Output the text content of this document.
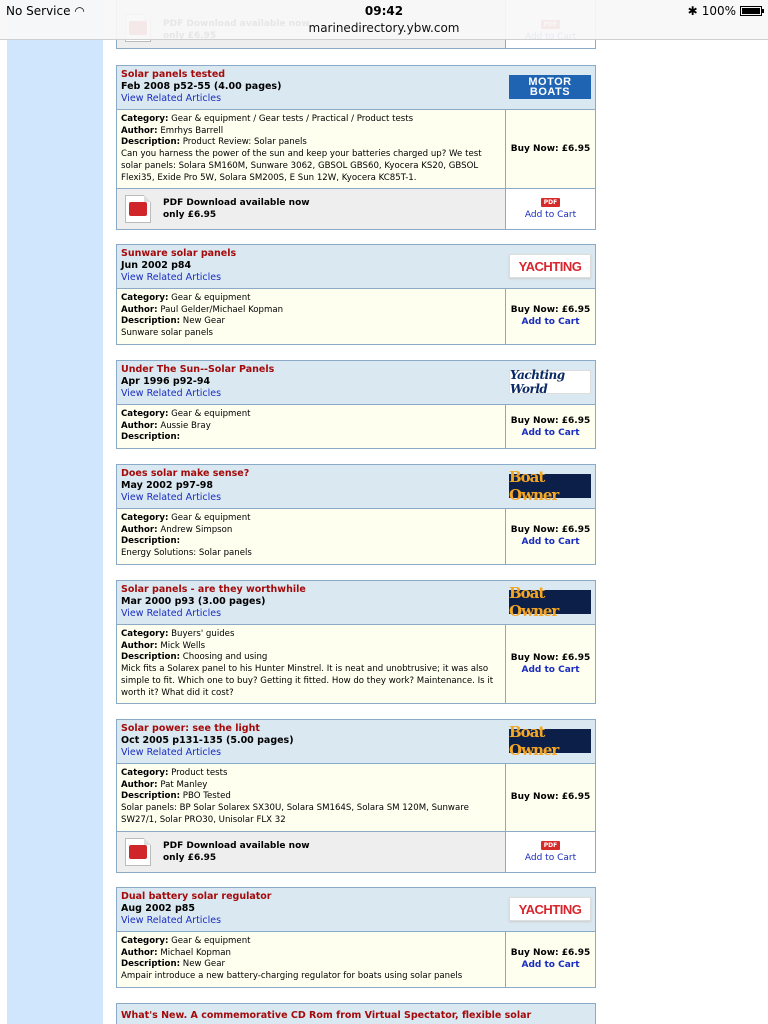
Solar panels tested
Feb 2008 p52-55 (4.00 pages)
View Related Articles
MOTOR
BOATS
Category: Gear & equipment / Gear tests / Practical / Product tests
Author: Emrhys Barrell
Description: Product Review: Solar panels
Can you harness the power of the sun and keep your batteries charged up? We test solar panels: Solara SM160M, Sunware 3062, GBSOL GBS60, Kyocera KS20, GBSOL Flexi35, Exide Pro 5W, Solara SM200S, E Sun 12W, Kyocera KC85T-1.
Buy Now: £6.95
PDF Download available now
only £6.95
PDF
Add to Cart
Sunware solar panels
Jun 2002 p84
View Related Articles
YACHTING
Category: Gear & equipment
Author: Paul Gelder/Michael Kopman
Description: New Gear
Sunware solar panels
Buy Now: £6.95
Add to Cart
Under The Sun--Solar Panels
Apr 1996 p92-94
View Related Articles
Yachting World
Category: Gear & equipment
Author: Aussie Bray
Description:
Buy Now: £6.95
Add to Cart
Does solar make sense?
May 2002 p97-98
View Related Articles
Boat Owner
Category: Gear & equipment
Author: Andrew Simpson
Description:
Energy Solutions: Solar panels
Buy Now: £6.95
Add to Cart
Solar panels - are they worthwhile
Mar 2000 p93 (3.00 pages)
View Related Articles
Boat Owner
Category: Buyers' guides
Author: Mick Wells
Description: Choosing and using
Mick fits a Solarex panel to his Hunter Minstrel. It is neat and unobtrusive; it was also simple to fit. Which one to buy? Getting it fitted. How do they work? Maintenance. Is it worth it? What did it cost?
Buy Now: £6.95
Add to Cart
Solar power: see the light
Oct 2005 p131-135 (5.00 pages)
View Related Articles
Boat Owner
Category: Product tests
Author: Pat Manley
Description: PBO Tested
Solar panels: BP Solar Solarex SX30U, Solara SM164S, Solara SM 120M, Sunware SW27/1, Solar PRO30, Unisolar FLX 32
Buy Now: £6.95
PDF Download available now
only £6.95
PDF
Add to Cart
Dual battery solar regulator
Aug 2002 p85
View Related Articles
YACHTING
Category: Gear & equipment
Author: Michael Kopman
Description: New Gear
Ampair introduce a new battery-charging regulator for boats using solar panels
Buy Now: £6.95
Add to Cart
What's New. A commemorative CD Rom from Virtual Spectator, flexible solar
No Service ◠	09:42
marinedirectory.ybw.com
✱ 100%
